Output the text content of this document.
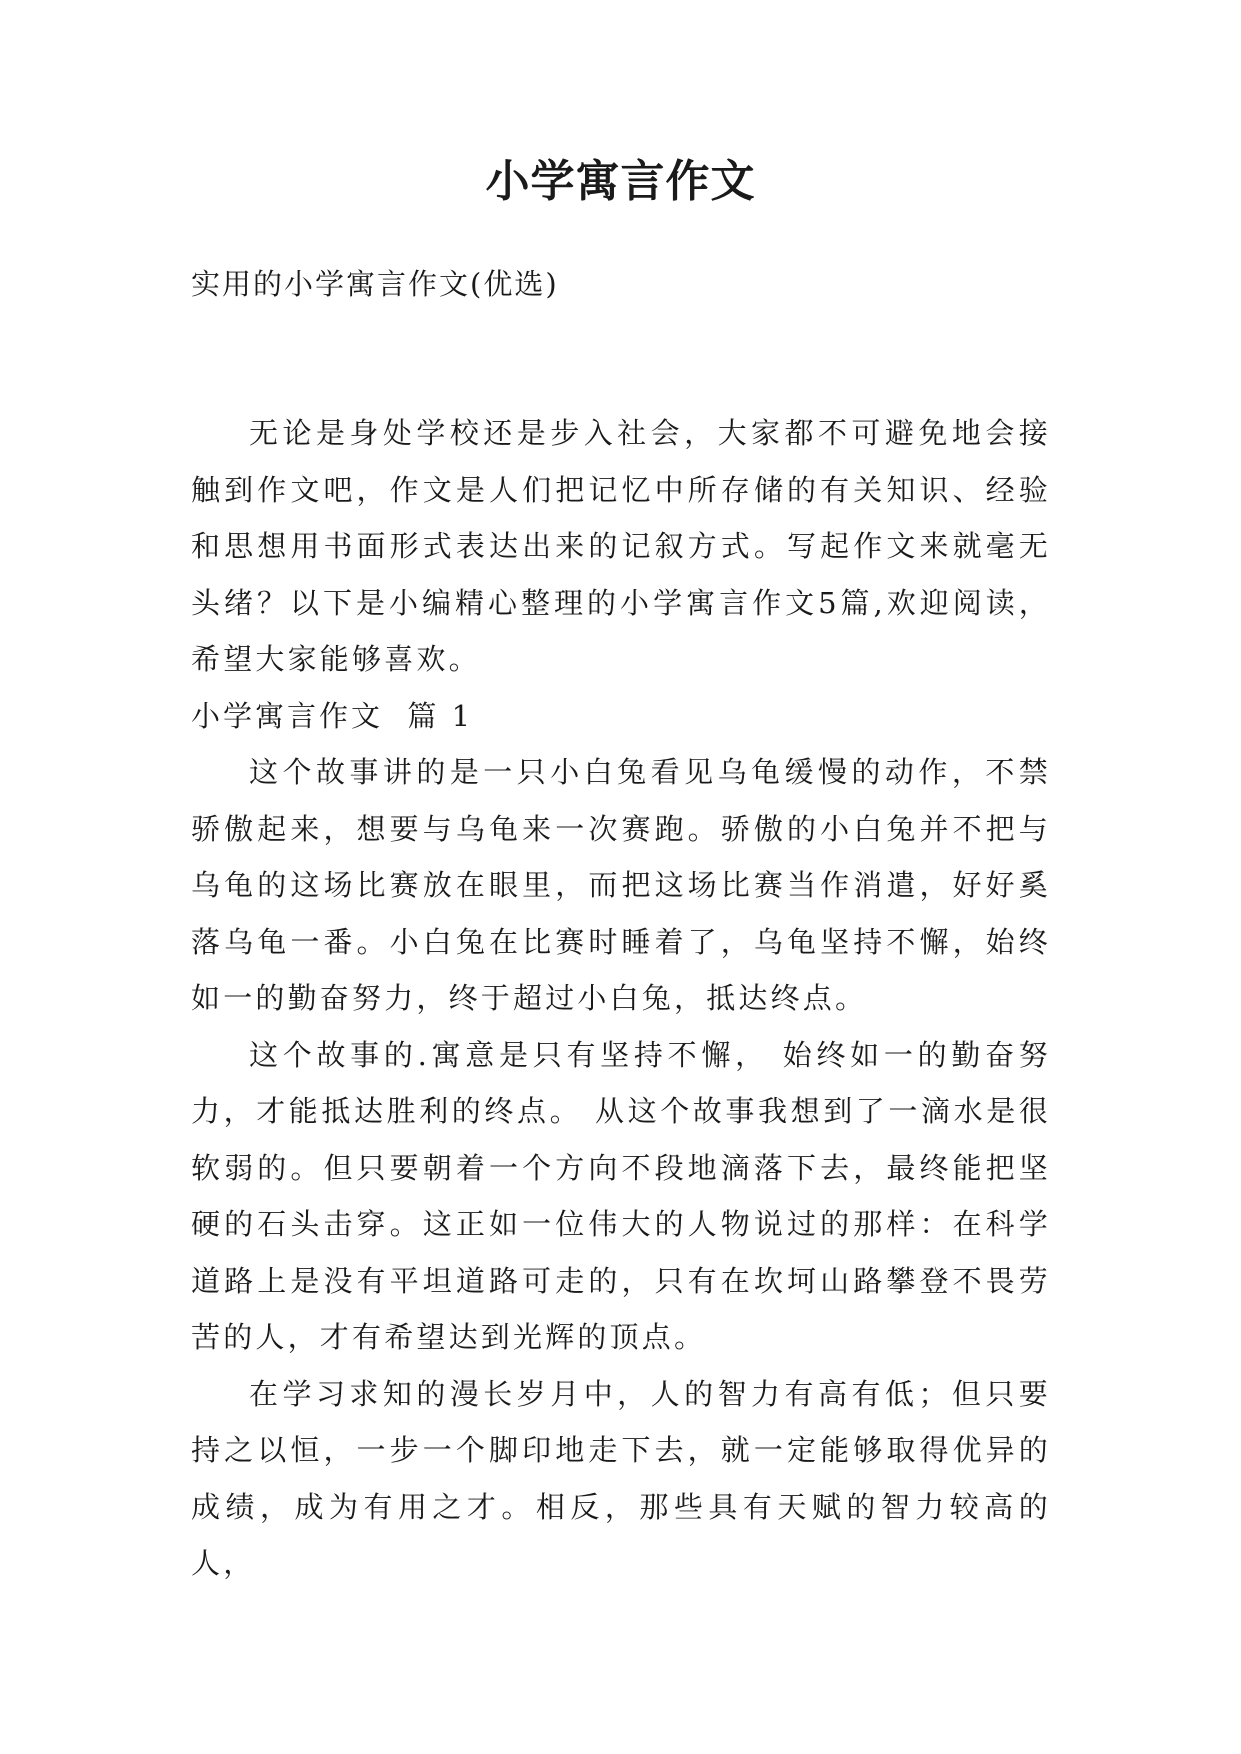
小学寓言作文

实用的小学寓言作文(优选)

无论是身处学校还是步入社会，大家都不可避免地会接触到作文吧，作文是人们把记忆中所存储的有关知识、经验和思想用书面形式表达出来的记叙方式。写起作文来就毫无头绪？以下是小编精心整理的小学寓言作文5篇,欢迎阅读，希望大家能够喜欢。

小学寓言作文  篇 1

这个故事讲的是一只小白兔看见乌龟缓慢的动作，不禁骄傲起来，想要与乌龟来一次赛跑。骄傲的小白兔并不把与乌龟的这场比赛放在眼里，而把这场比赛当作消遣，好好奚落乌龟一番。小白兔在比赛时睡着了，乌龟坚持不懈，始终如一的勤奋努力，终于超过小白兔，抵达终点。

这个故事的.寓意是只有坚持不懈， 始终如一的勤奋努力，才能抵达胜利的终点。 从这个故事我想到了一滴水是很软弱的。但只要朝着一个方向不段地滴落下去，最终能把坚硬的石头击穿。这正如一位伟大的人物说过的那样：在科学道路上是没有平坦道路可走的，只有在坎坷山路攀登不畏劳苦的人，才有希望达到光辉的顶点。

在学习求知的漫长岁月中，人的智力有高有低；但只要持之以恒，一步一个脚印地走下去，就一定能够取得优异的成绩，成为有用之才。相反，那些具有天赋的智力较高的人，
